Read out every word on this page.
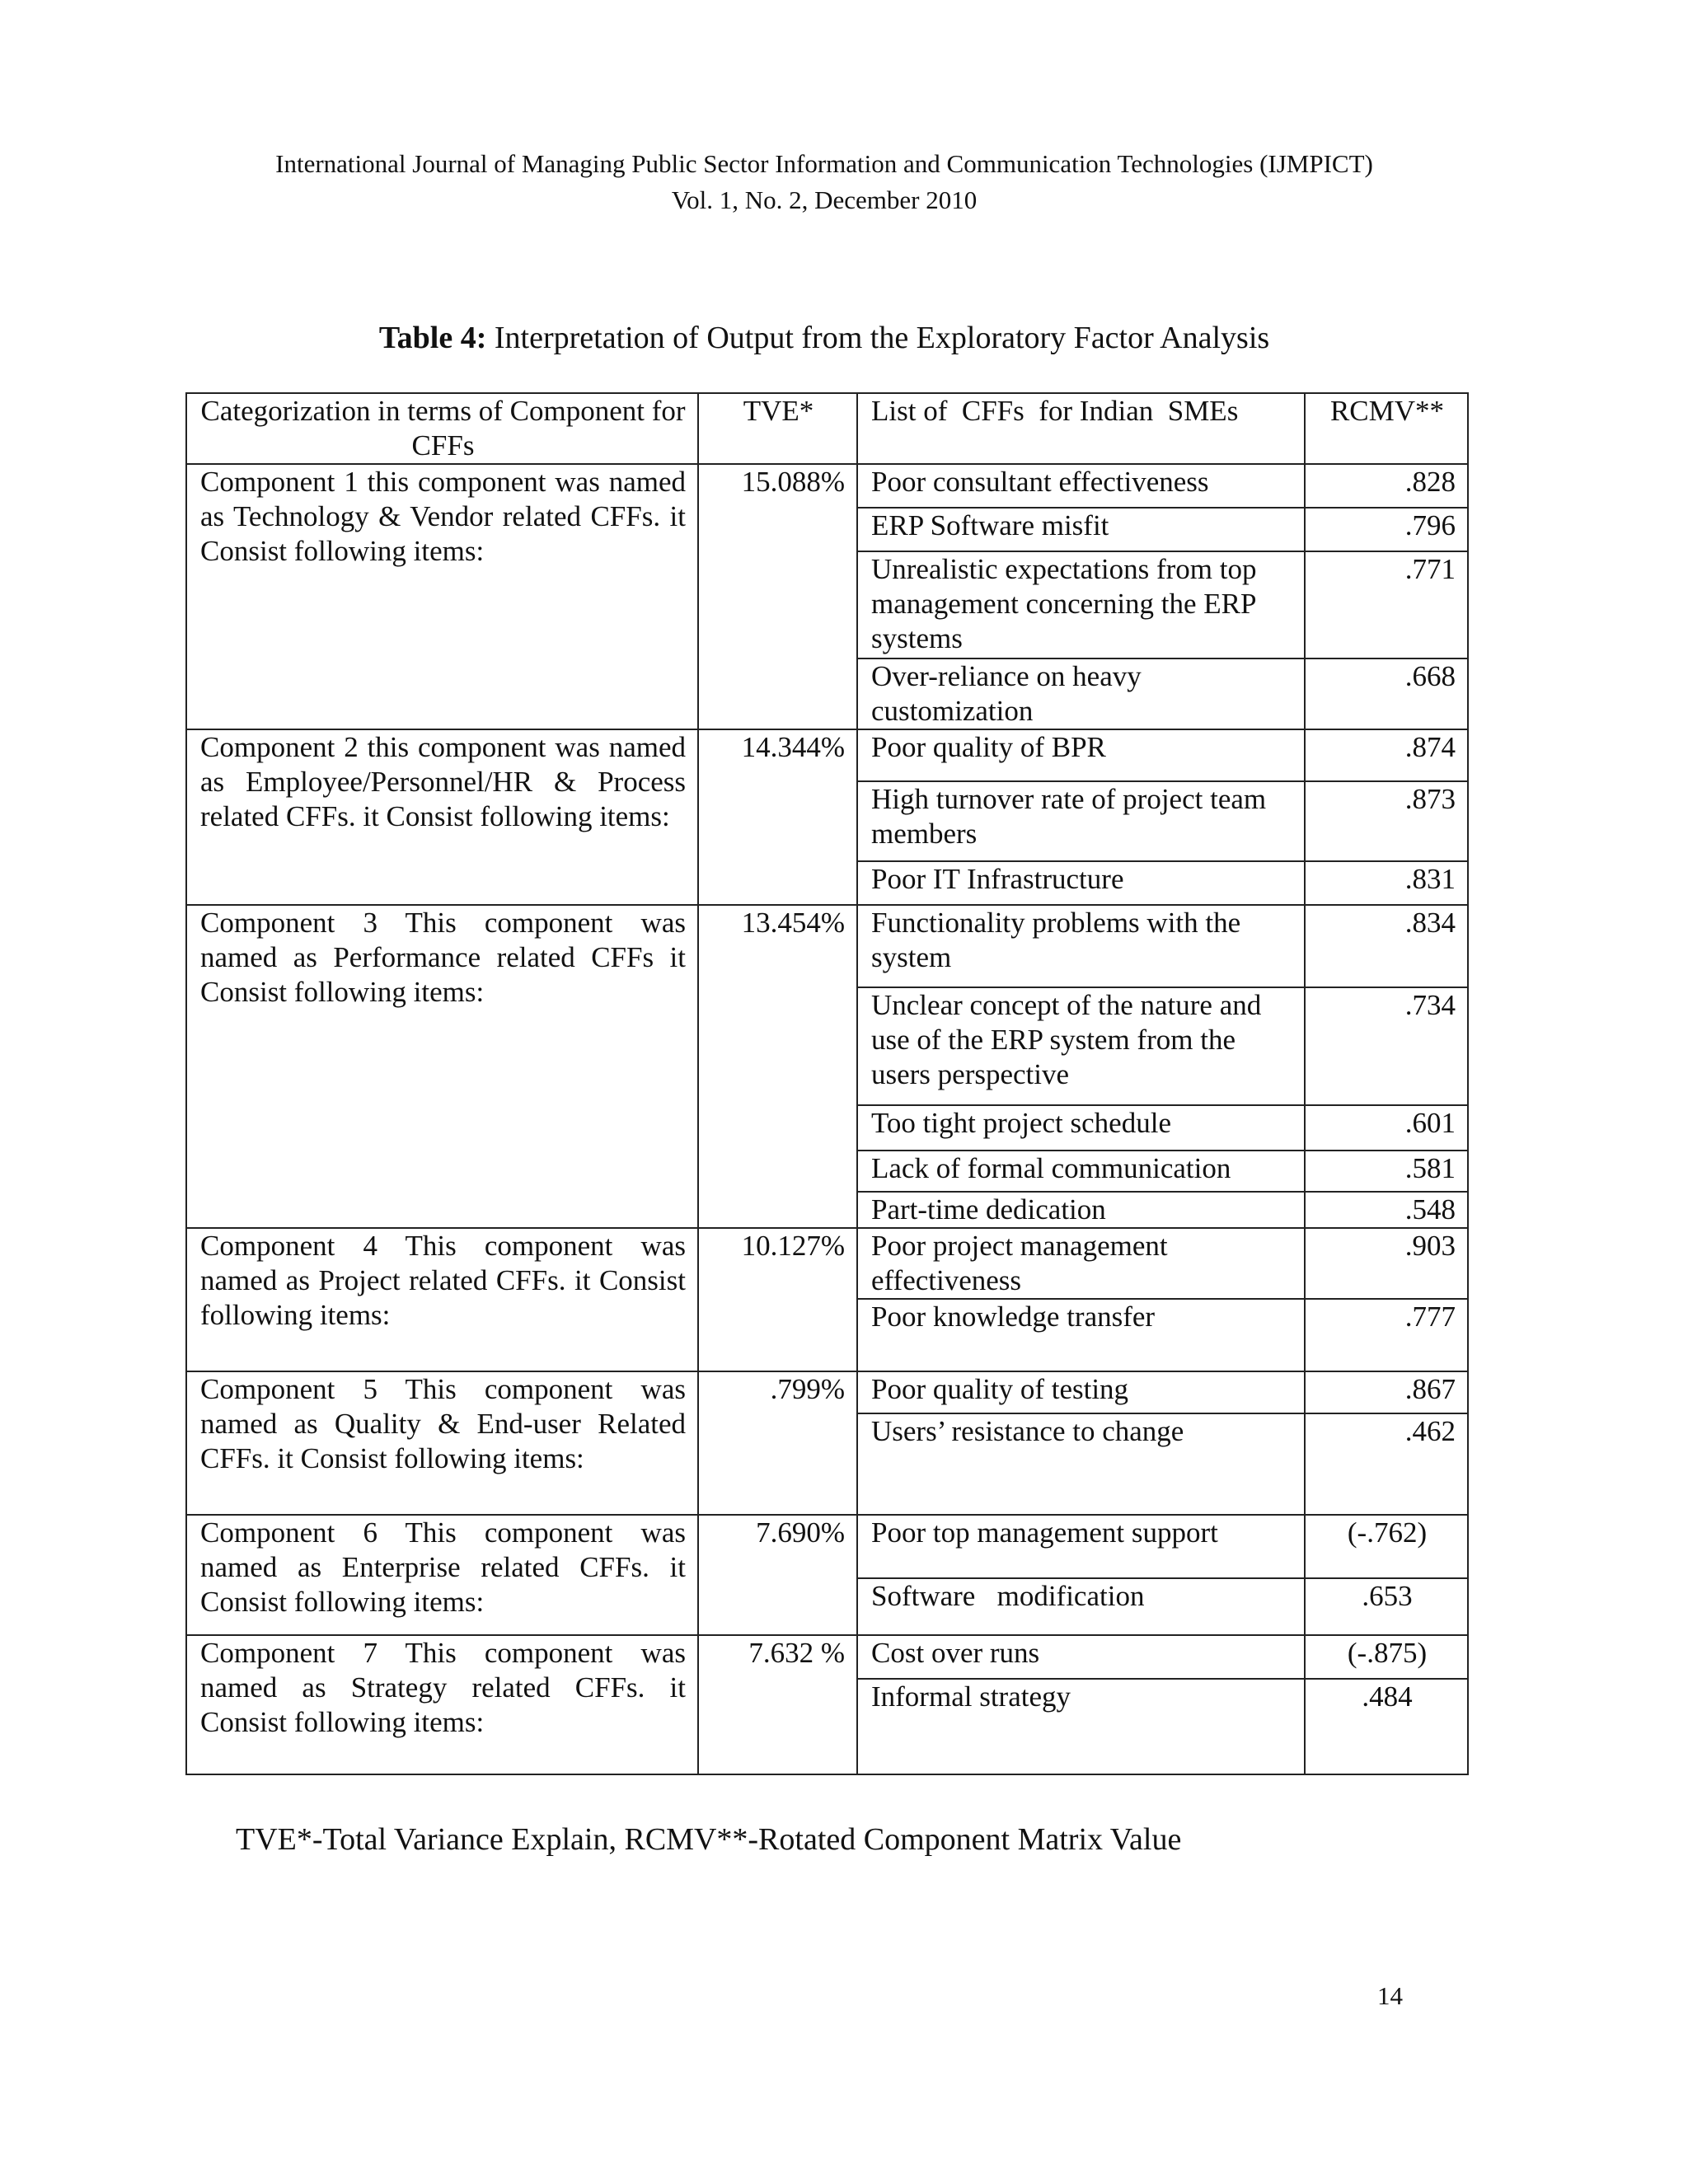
International Journal of Managing Public Sector Information and Communication Technologies (IJMPICT)
Vol. 1, No. 2, December 2010
Table 4: Interpretation of Output from the Exploratory Factor Analysis
Categorization in terms of Component for CFFs	TVE*	List of  CFFs  for Indian  SMEs	RCMV**
Component 1 this component was named as Technology & Vendor related CFFs. it Consist following items:	15.088%	Poor consultant effectiveness	.828
		ERP Software misfit	.796
		Unrealistic expectations from top management concerning the ERP systems	.771
		Over-reliance on heavy customization	.668
Component 2 this component was named as Employee/Personnel/HR & Process related CFFs. it Consist following items:	14.344%	Poor quality of BPR	.874
		High turnover rate of project team members	.873
		Poor IT Infrastructure	.831
Component 3 This component was named as Performance related CFFs it Consist following items:	13.454%	Functionality problems with the system	.834
		Unclear concept of the nature and use of the ERP system from the users perspective	.734
		Too tight project schedule	.601
		Lack of formal communication	.581
		Part-time dedication	.548
Component 4 This component was named as Project related CFFs. it Consist following items:	10.127%	Poor project management effectiveness	.903
		Poor knowledge transfer	.777
Component 5 This component was named as Quality & End-user Related CFFs. it Consist following items:	.799%	Poor quality of testing	.867
		Users’ resistance to change	.462
Component 6 This component was named as Enterprise related CFFs. it Consist following items:	7.690%	Poor top management support	(-.762)
		Software   modification	.653
Component 7 This component was named as Strategy related CFFs. it Consist following items:	7.632 %	Cost over runs	(-.875)
		Informal strategy	.484
TVE*-Total Variance Explain, RCMV**-Rotated Component Matrix Value
14
